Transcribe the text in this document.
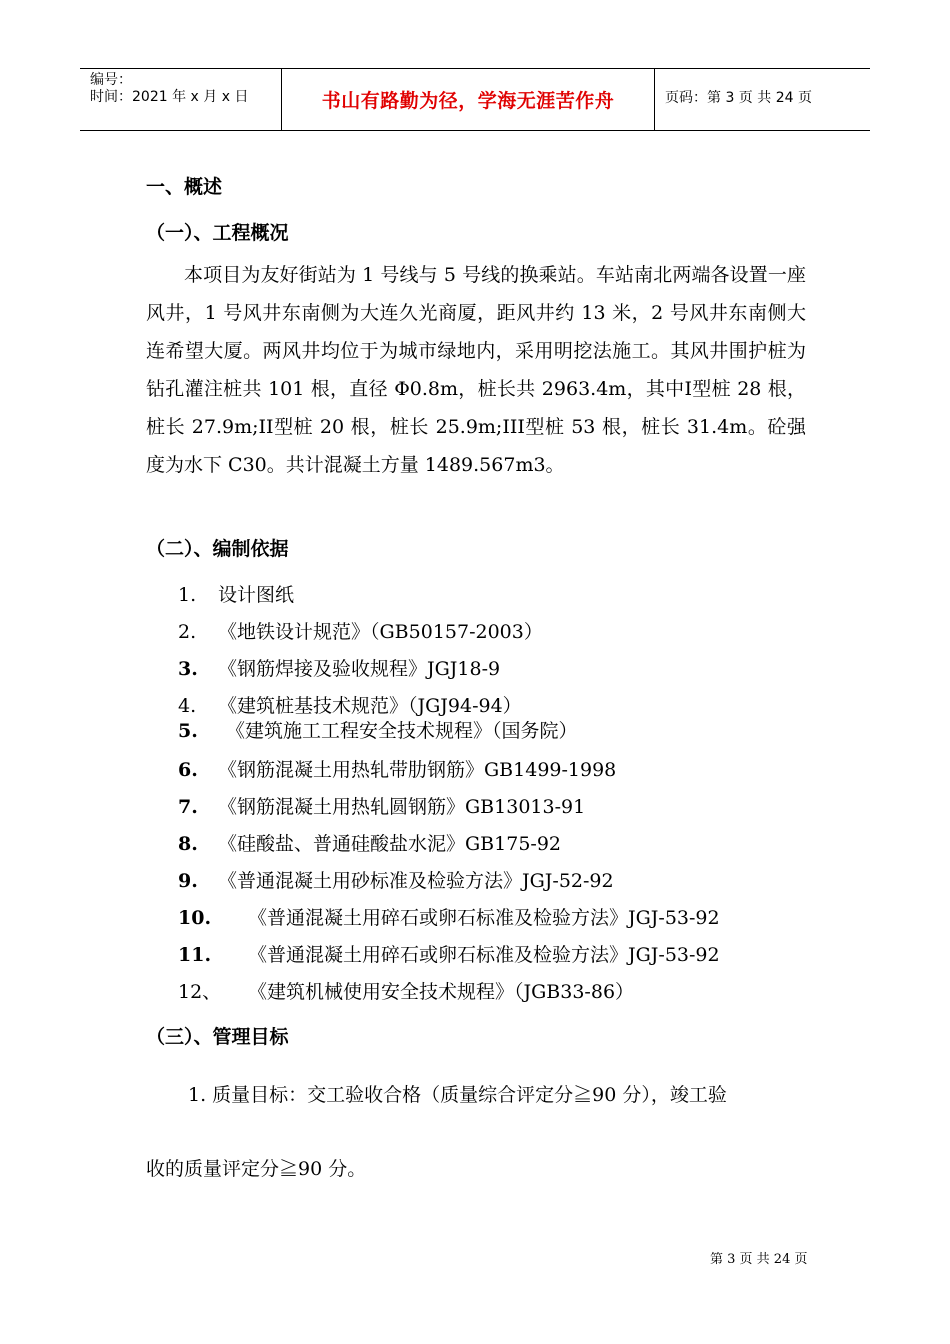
编号：
时间：2021 年 x 月 x 日	书山有路勤为径，学海无涯苦作舟	页码：第 3 页 共 24 页
一、概述
（一）、工程概况
本项目为友好街站为 1 号线与 5 号线的换乘站。车站南北两端各设置一座风井，1 号风井东南侧为大连久光商厦，距风井约 13 米，2 号风井东南侧大连希望大厦。两风井均位于为城市绿地内，采用明挖法施工。其风井围护桩为钻孔灌注桩共 101 根，直径 Φ0.8m，桩长共 2963.4m，其中I型桩 28 根，桩长 27.9m;II型桩 20 根，桩长 25.9m;III型桩 53 根，桩长 31.4m。砼强度为水下 C30。共计混凝土方量 1489.567m3。
（二）、编制依据
1. 设计图纸
2. 《地铁设计规范》（GB50157-2003）
3. 《钢筋焊接及验收规程》JGJ18-9
4. 《建筑桩基技术规范》（JGJ94-94）
5. 《建筑施工工程安全技术规程》（国务院）
6. 《钢筋混凝土用热轧带肋钢筋》GB1499-1998
7. 《钢筋混凝土用热轧圆钢筋》GB13013-91
8. 《硅酸盐、普通硅酸盐水泥》GB175-92
9. 《普通混凝土用砂标准及检验方法》JGJ-52-92
10. 《普通混凝土用碎石或卵石标准及检验方法》JGJ-53-92
11. 《普通混凝土用碎石或卵石标准及检验方法》JGJ-53-92
12、 《建筑机械使用安全技术规程》（JGB33-86）
（三）、管理目标
1. 质量目标：交工验收合格（质量综合评定分≧90 分），竣工验
收的质量评定分≧90 分。
第 3 页 共 24 页
